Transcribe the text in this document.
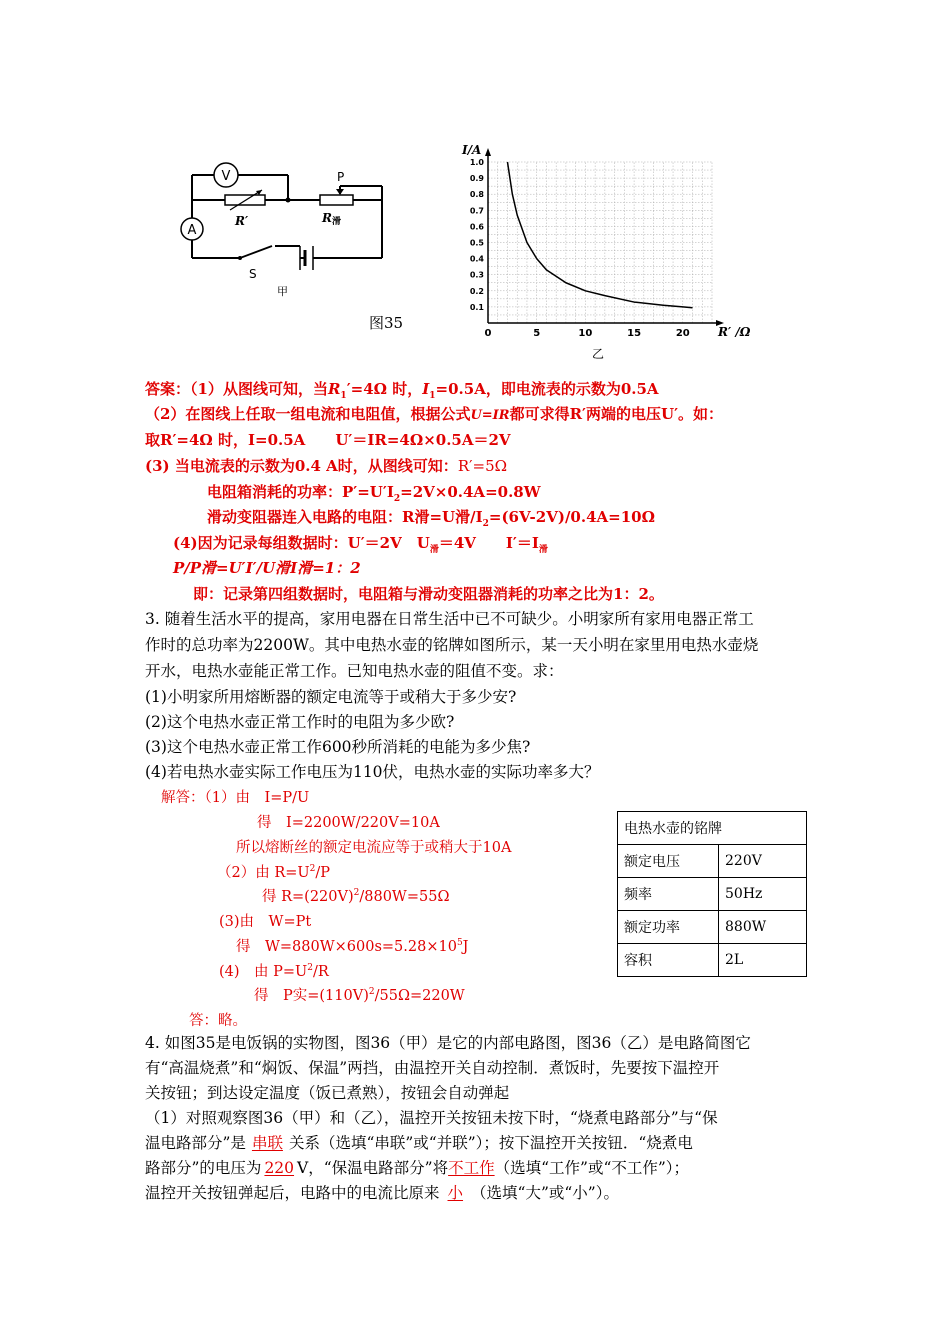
V
A
R′
P
R滑
S
甲
图35
0	5	10	15	20
0.1
0.2
0.3
0.4
0.5
0.6
0.7
0.8
0.9
1.0
I/A
R′ /Ω
乙
答案：（1）从图线可知，当$R_1'=4\Omega$ 时，$I_1=0.5A$，即电流表的示数为0.5A
（2）在图线上任取一组电流和电阻值，根据公式U=IR都可求得R′两端的电压U′。如：
取R′=4Ω 时，I=0.5A　　U′＝IR=4Ω×0.5A＝2V
(3) 当电流表的示数为0.4 A时，从图线可知：R′=5Ω
电阻箱消耗的功率：$P'=U'I_2=2V\times 0.4A=0.8W$
滑动变阻器连入电路的电阻：R滑=U滑$/I_2=(6V-2V)/0.4A=10\Omega$
(4)因为记录每组数据时：U′＝2V　$U_滑=4V$　　$I'=I_滑$
P/P滑=U′I′/U滑I滑=1：2
即：记录第四组数据时，电阻箱与滑动变阻器消耗的功率之比为1：2。
3. 随着生活水平的提高，家用电器在日常生活中已不可缺少。小明家所有家用电器正常工
作时的总功率为2200W。其中电热水壶的铭牌如图所示，某一天小明在家里用电热水壶烧
开水，电热水壶能正常工作。已知电热水壶的阻值不变。求：
(1)小明家所用熔断器的额定电流等于或稍大于多少安?
(2)这个电热水壶正常工作时的电阻为多少欧?
(3)这个电热水壶正常工作600秒所消耗的电能为多少焦?
(4)若电热水壶实际工作电压为110伏，电热水壶的实际功率多大？
解答：（1）由　I=P/U
得　I=2200W/220V=10A
所以熔断丝的额定电流应等于或稍大于10A
（2）由 $R=U^2/P$
得 $R=(220V)^2/880W=55\Omega$
(3)由　W=Pt
得　$W=880W\times 600s=5.28\times 10^5J$
(4)　由 $P=U^2/R$
得　P实$=(110V)^2/55\Omega=220W$
答：略。
电热水壶的铭牌	
额定电压	220V
频率	50Hz
额定功率	880W
容积	2L
4. 如图35是电饭锅的实物图，图36（甲）是它的内部电路图，图36（乙）是电路简图它
有“高温烧煮”和“焖饭、保温”两挡，由温控开关自动控制．煮饭时，先要按下温控开
关按钮；到达设定温度（饭已煮熟），按钮会自动弹起
（1）对照观察图36（甲）和（乙），温控开关按钮未按下时，“烧煮电路部分”与“保
温电路部分”是 串联 关系（选填“串联”或“并联”）；按下温控开关按钮．“烧煮电
路部分”的电压为 220 V，“保温电路部分”将不工作（选填“工作”或“不工作”）；
温控开关按钮弹起后，电路中的电流比原来 小 （选填“大”或“小”）。
